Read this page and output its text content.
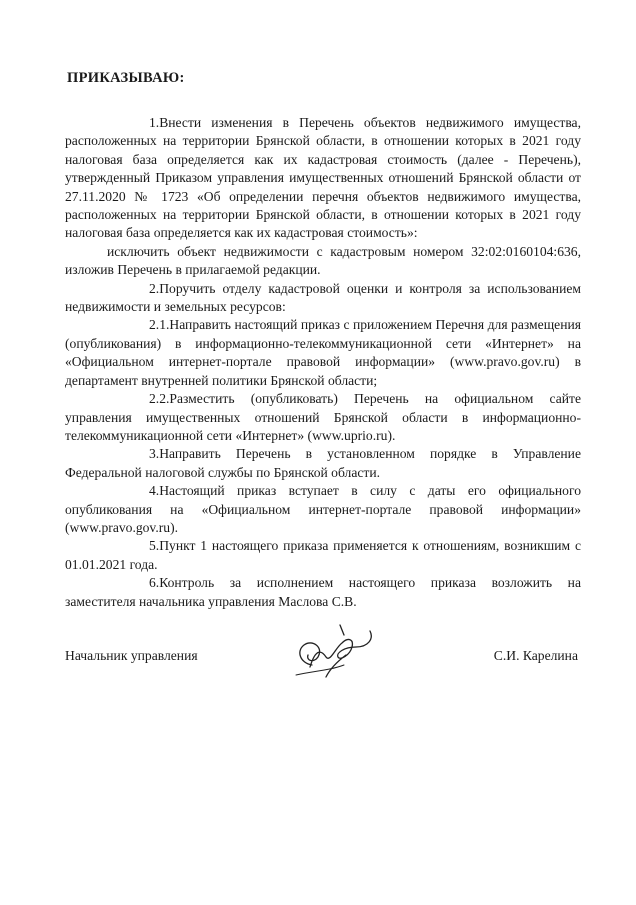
ПРИКАЗЫВАЮ:

1.Внести изменения в Перечень объектов недвижимого имущества, расположенных на территории Брянской области, в отношении которых в 2021 году налоговая база определяется как их кадастровая стоимость (далее - Перечень), утвержденный Приказом управления имущественных отношений Брянской области от 27.11.2020 № 1723 «Об определении перечня объектов недвижимого имущества, расположенных на территории Брянской области, в отношении которых в 2021 году налоговая база определяется как их кадастровая стоимость»:

исключить объект недвижимости с кадастровым номером 32:02:0160104:636, изложив Перечень в прилагаемой редакции.

2.Поручить отделу кадастровой оценки и контроля за использованием недвижимости и земельных ресурсов:

2.1.Направить настоящий приказ с приложением Перечня для размещения (опубликования) в информационно-телекоммуникационной сети «Интернет» на «Официальном интернет-портале правовой информации» (www.pravo.gov.ru) в департамент внутренней политики Брянской области;

2.2.Разместить (опубликовать) Перечень на официальном сайте управления имущественных отношений Брянской области в информационно-телекоммуникационной сети «Интернет» (www.uprio.ru).

3.Направить Перечень в установленном порядке в Управление Федеральной налоговой службы по Брянской области.

4.Настоящий приказ вступает в силу с даты его официального опубликования на «Официальном интернет-портале правовой информации» (www.pravo.gov.ru).

5.Пункт 1 настоящего приказа применяется к отношениям, возникшим с 01.01.2021 года.

6.Контроль за исполнением настоящего приказа возложить на заместителя начальника управления Маслова С.В.

Начальник управления	С.И. Карелина
